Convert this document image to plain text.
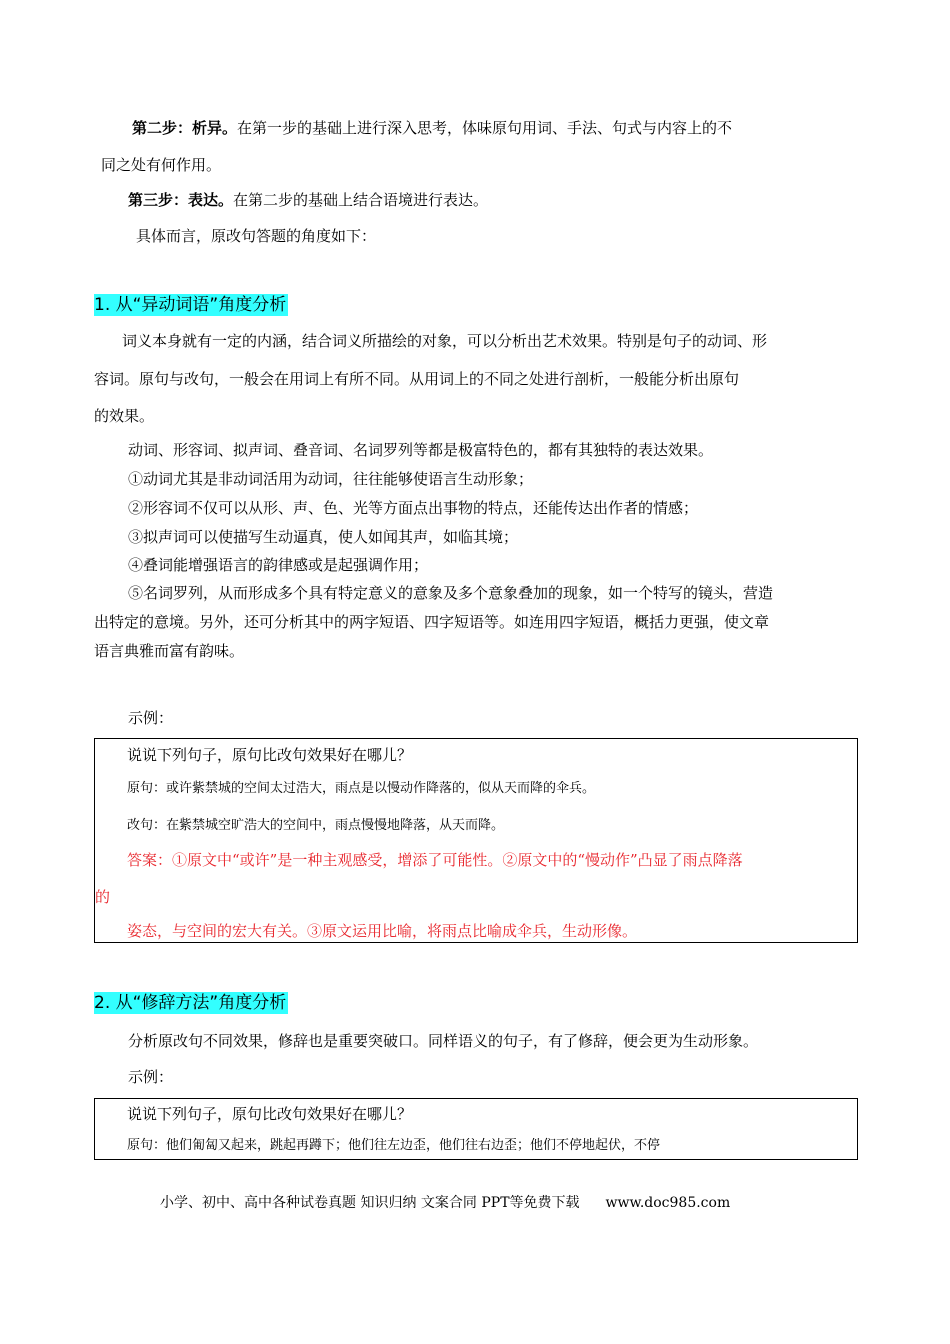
第二步：析异。在第一步的基础上进行深入思考，体味原句用词、手法、句式与内容上的不
同之处有何作用。
第三步：表达。在第二步的基础上结合语境进行表达。
具体而言，原改句答题的角度如下：
1. 从“异动词语”角度分析
词义本身就有一定的内涵，结合词义所描绘的对象，可以分析出艺术效果。特别是句子的动词、形
容词。原句与改句，一般会在用词上有所不同。从用词上的不同之处进行剖析，一般能分析出原句
的效果。
动词、形容词、拟声词、叠音词、名词罗列等都是极富特色的，都有其独特的表达效果。
①动词尤其是非动词活用为动词，往往能够使语言生动形象；
②形容词不仅可以从形、声、色、光等方面点出事物的特点，还能传达出作者的情感；
③拟声词可以使描写生动逼真，使人如闻其声，如临其境；
④叠词能增强语言的韵律感或是起强调作用；
⑤名词罗列，从而形成多个具有特定意义的意象及多个意象叠加的现象，如一个特写的镜头，营造
出特定的意境。另外，还可分析其中的两字短语、四字短语等。如连用四字短语，概括力更强，使文章
语言典雅而富有韵味。
示例：
说说下列句子，原句比改句效果好在哪儿？
原句：或许紫禁城的空间太过浩大，雨点是以慢动作降落的，似从天而降的伞兵。
改句：在紫禁城空旷浩大的空间中，雨点慢慢地降落，从天而降。
答案：①原文中“或许”是一种主观感受，增添了可能性。②原文中的“慢动作”凸显了雨点降落
的
姿态，与空间的宏大有关。③原文运用比喻，将雨点比喻成伞兵，生动形像。
2. 从“修辞方法”角度分析
分析原改句不同效果，修辞也是重要突破口。同样语义的句子，有了修辞，便会更为生动形象。
示例：
说说下列句子，原句比改句效果好在哪儿？
原句：他们匍匐又起来，跳起再蹲下；他们往左边歪，他们往右边歪；他们不停地起伏，不停
小学、初中、高中各种试卷真题 知识归纳 文案合同 PPT等免费下载 www.doc985.com
